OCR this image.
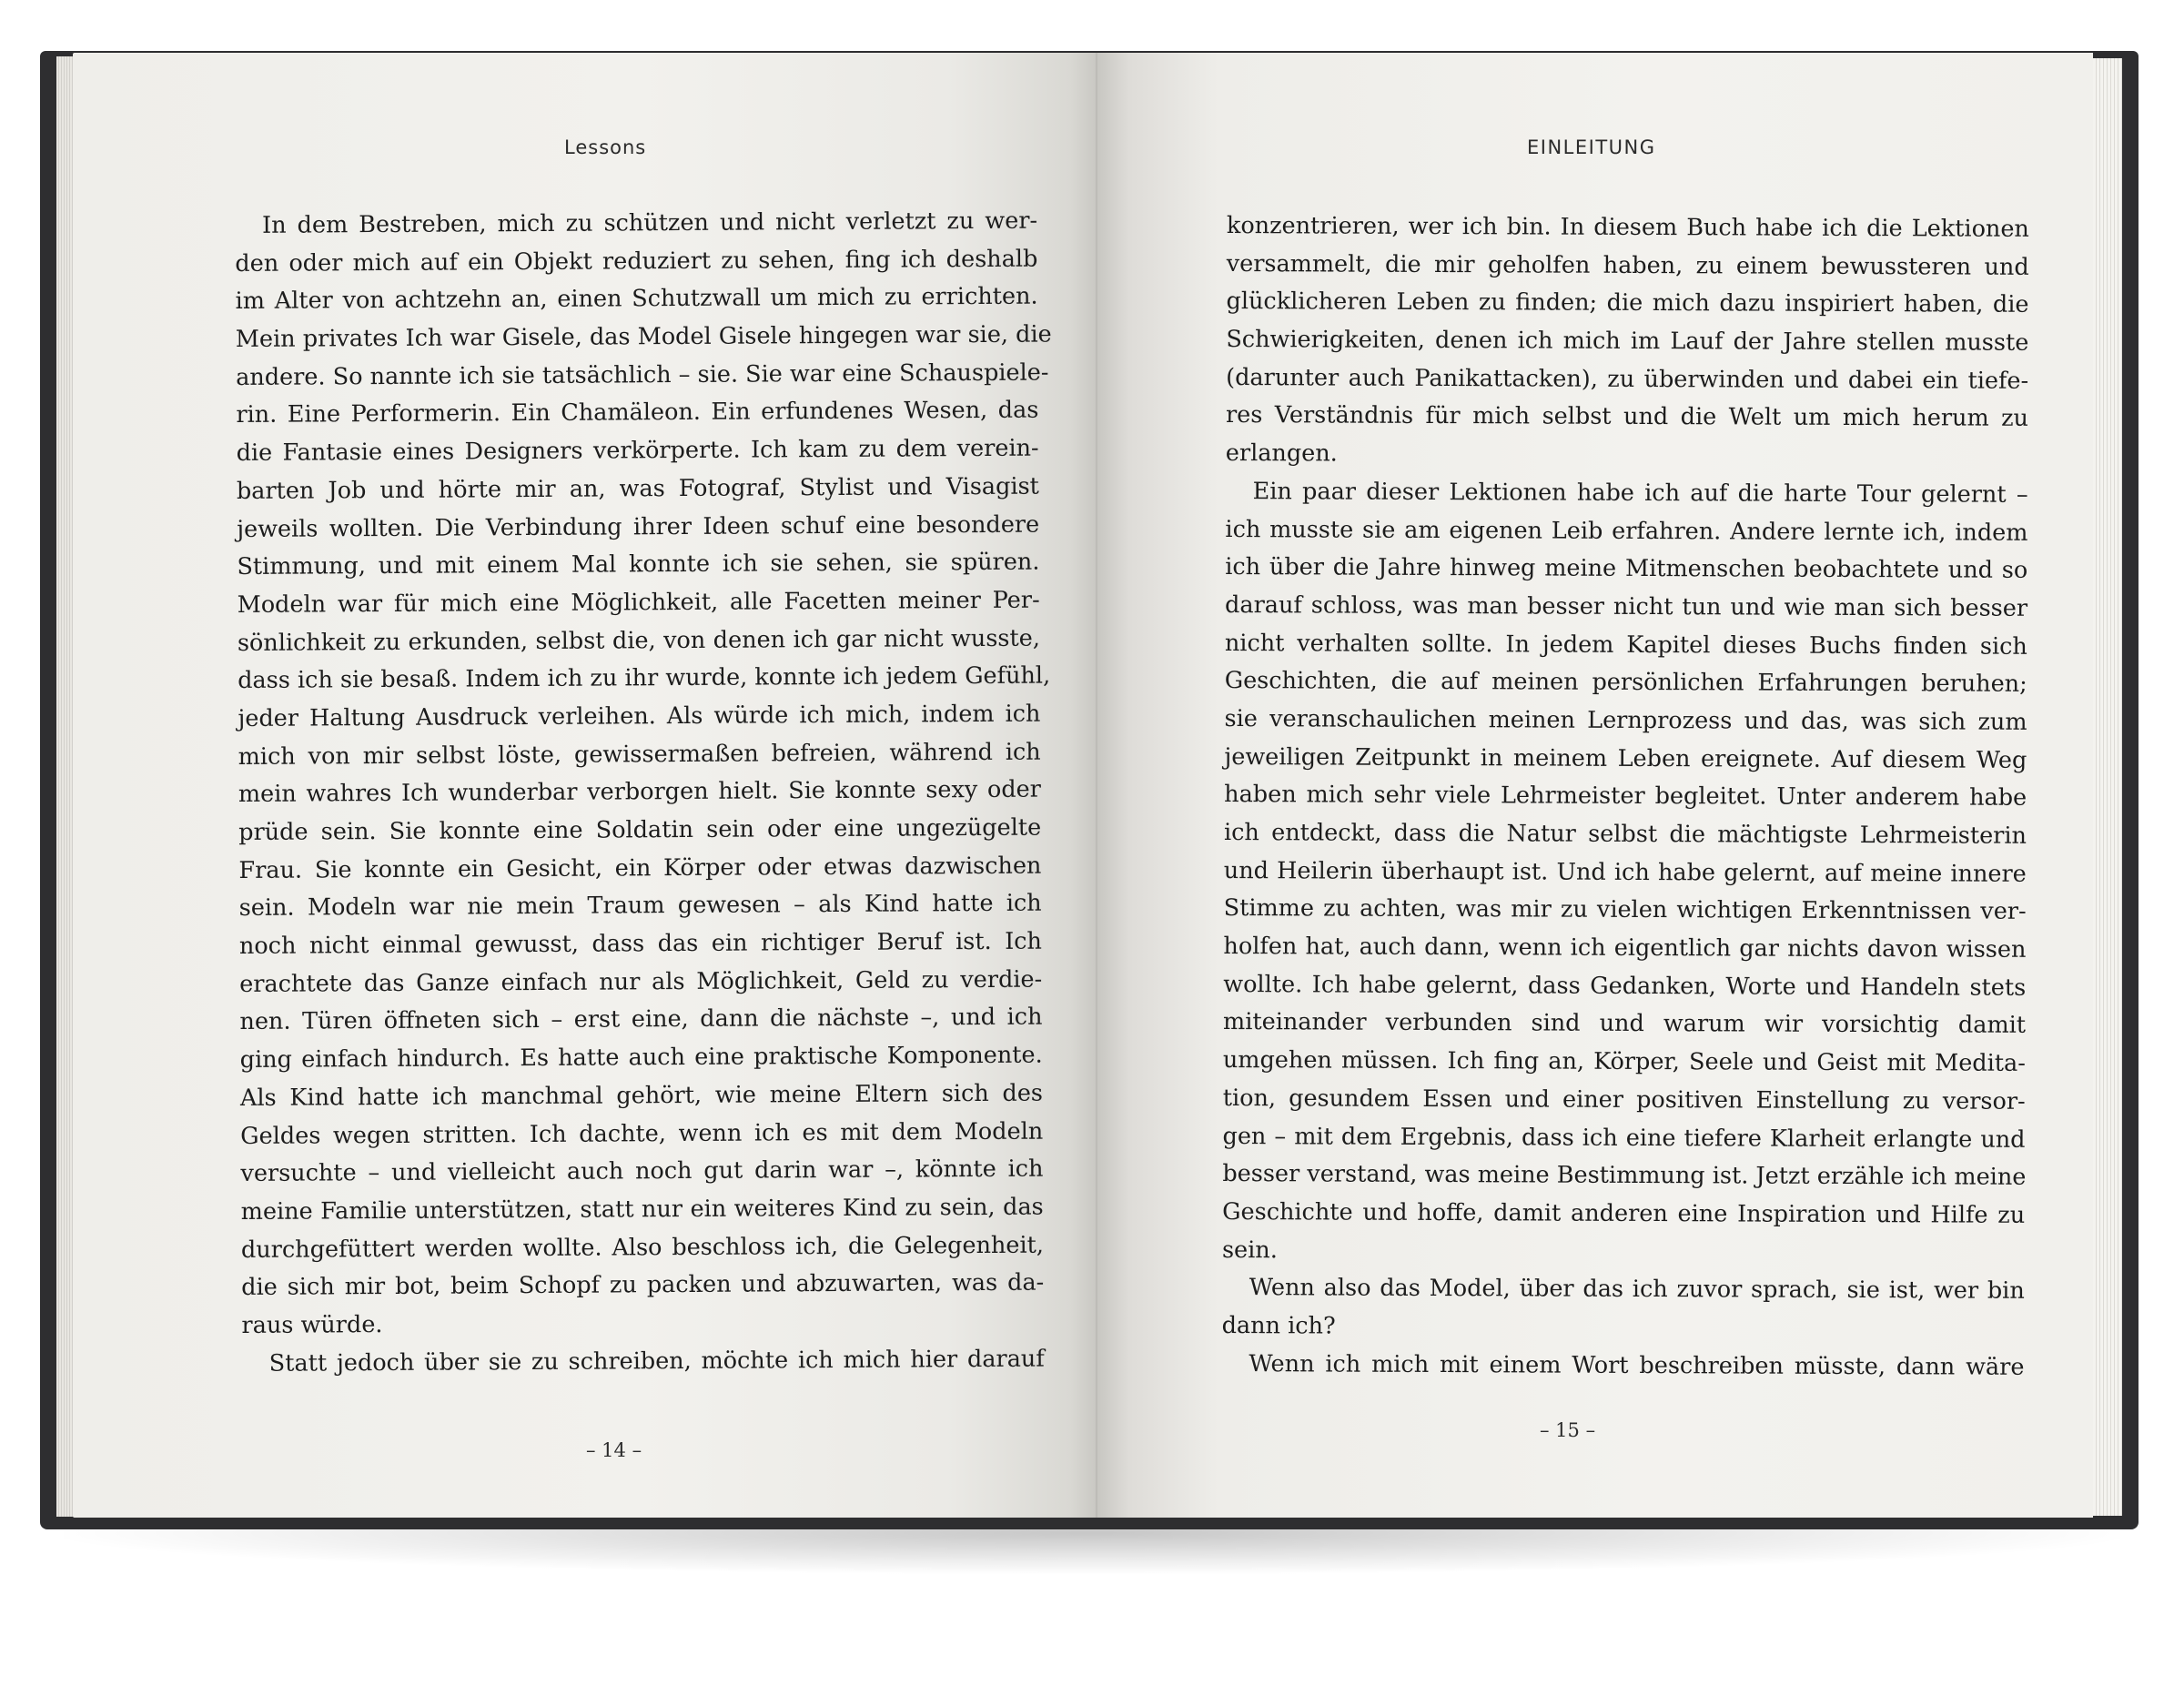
Lessons
In dem Bestreben, mich zu schützen und nicht verletzt zu wer-
den oder mich auf ein Objekt reduziert zu sehen, fing ich deshalb
im Alter von achtzehn an, einen Schutzwall um mich zu errichten.
Mein privates Ich war Gisele, das Model Gisele hingegen war sie, die
andere. So nannte ich sie tatsächlich – sie. Sie war eine Schauspiele-
rin. Eine Performerin. Ein Chamäleon. Ein erfundenes Wesen, das
die Fantasie eines Designers verkörperte. Ich kam zu dem verein-
barten Job und hörte mir an, was Fotograf, Stylist und Visagist
jeweils wollten. Die Verbindung ihrer Ideen schuf eine besondere
Stimmung, und mit einem Mal konnte ich sie sehen, sie spüren.
Modeln war für mich eine Möglichkeit, alle Facetten meiner Per-
sönlichkeit zu erkunden, selbst die, von denen ich gar nicht wusste,
dass ich sie besaß. Indem ich zu ihr wurde, konnte ich jedem Gefühl,
jeder Haltung Ausdruck verleihen. Als würde ich mich, indem ich
mich von mir selbst löste, gewissermaßen befreien, während ich
mein wahres Ich wunderbar verborgen hielt. Sie konnte sexy oder
prüde sein. Sie konnte eine Soldatin sein oder eine ungezügelte
Frau. Sie konnte ein Gesicht, ein Körper oder etwas dazwischen
sein. Modeln war nie mein Traum gewesen – als Kind hatte ich
noch nicht einmal gewusst, dass das ein richtiger Beruf ist. Ich
erachtete das Ganze einfach nur als Möglichkeit, Geld zu verdie-
nen. Türen öffneten sich – erst eine, dann die nächste –, und ich
ging einfach hindurch. Es hatte auch eine praktische Komponente.
Als Kind hatte ich manchmal gehört, wie meine Eltern sich des
Geldes wegen stritten. Ich dachte, wenn ich es mit dem Modeln
versuchte – und vielleicht auch noch gut darin war –, könnte ich
meine Familie unterstützen, statt nur ein weiteres Kind zu sein, das
durchgefüttert werden wollte. Also beschloss ich, die Gelegenheit,
die sich mir bot, beim Schopf zu packen und abzuwarten, was da-
raus würde.
Statt jedoch über sie zu schreiben, möchte ich mich hier darauf
– 14 –
EINLEITUNG
konzentrieren, wer ich bin. In diesem Buch habe ich die Lektionen
versammelt, die mir geholfen haben, zu einem bewussteren und
glücklicheren Leben zu finden; die mich dazu inspiriert haben, die
Schwierigkeiten, denen ich mich im Lauf der Jahre stellen musste
(darunter auch Panikattacken), zu überwinden und dabei ein tiefe-
res Verständnis für mich selbst und die Welt um mich herum zu
erlangen.
Ein paar dieser Lektionen habe ich auf die harte Tour gelernt –
ich musste sie am eigenen Leib erfahren. Andere lernte ich, indem
ich über die Jahre hinweg meine Mitmenschen beobachtete und so
darauf schloss, was man besser nicht tun und wie man sich besser
nicht verhalten sollte. In jedem Kapitel dieses Buchs finden sich
Geschichten, die auf meinen persönlichen Erfahrungen beruhen;
sie veranschaulichen meinen Lernprozess und das, was sich zum
jeweiligen Zeitpunkt in meinem Leben ereignete. Auf diesem Weg
haben mich sehr viele Lehrmeister begleitet. Unter anderem habe
ich entdeckt, dass die Natur selbst die mächtigste Lehrmeisterin
und Heilerin überhaupt ist. Und ich habe gelernt, auf meine innere
Stimme zu achten, was mir zu vielen wichtigen Erkenntnissen ver-
holfen hat, auch dann, wenn ich eigentlich gar nichts davon wissen
wollte. Ich habe gelernt, dass Gedanken, Worte und Handeln stets
miteinander verbunden sind und warum wir vorsichtig damit
umgehen müssen. Ich fing an, Körper, Seele und Geist mit Medita-
tion, gesundem Essen und einer positiven Einstellung zu versor-
gen – mit dem Ergebnis, dass ich eine tiefere Klarheit erlangte und
besser verstand, was meine Bestimmung ist. Jetzt erzähle ich meine
Geschichte und hoffe, damit anderen eine Inspiration und Hilfe zu
sein.
Wenn also das Model, über das ich zuvor sprach, sie ist, wer bin
dann ich?
Wenn ich mich mit einem Wort beschreiben müsste, dann wäre
– 15 –
